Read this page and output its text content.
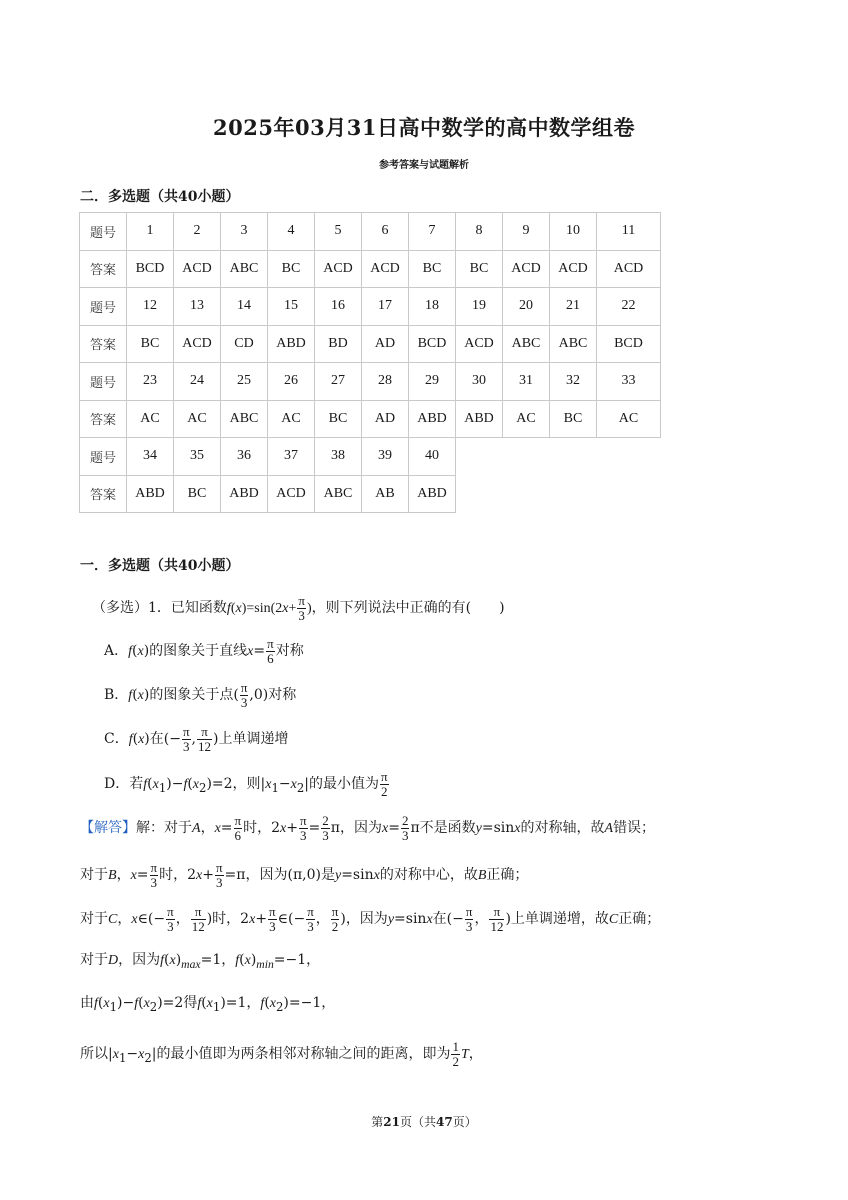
2025年03月31日高中数学的高中数学组卷
参考答案与试题解析
二．多选题（共40小题）
题号	1	2	3	4	5	6	7	8	9	10	11
答案	BCD	ACD	ABC	BC	ACD	ACD	BC	BC	ACD	ACD	ACD
题号	12	13	14	15	16	17	18	19	20	21	22
答案	BC	ACD	CD	ABD	BD	AD	BCD	ACD	ABC	ABC	BCD
题号	23	24	25	26	27	28	29	30	31	32	33
答案	AC	AC	ABC	AC	BC	AD	ABD	ABD	AC	BC	AC
题号	34	35	36	37	38	39	40				
答案	ABD	BC	ABD	ACD	ABC	AB	ABD				
一．多选题（共40小题）
（多选）1．已知函数$f(x)=\sin(2x+ \frac{\pi}{3}$ )，则下列说法中正确的有(　　)
A．f(x)的图象关于直线$x= \frac{\pi}{6}$ 对称
B．f(x)的图象关于点( $\frac{\pi}{3} ,0$)对称
C．f(x)在(− $\frac{\pi}{3}$ , $\frac{\pi}{12}$ )上单调递增
D．若$f(x_1)-f(x_2)=2$，则$|x_1-x_2|$的最小值为 $\frac{\pi}{2}$
【解答】解：对于A，$x= \frac{\pi}{6}$ 时，$2x+ \frac{\pi}{3} = \frac{2}{3}$ π，因为$x= \frac{2}{3}$ π不是函数y=sinx的对称轴，故A错误；
对于B，$x= \frac{\pi}{3}$ 时，$2x+ \frac{\pi}{3} =\pi$，因为(π,0)是y=sinx的对称中心，故B正确；
对于C，x∈(− $\frac{\pi}{3}$ ， $\frac{\pi}{12}$ )时，$2x+ \frac{\pi}{3}$ ∈(− $\frac{\pi}{3}$ ， $\frac{\pi}{2}$ )，因为y=sinx在(− $\frac{\pi}{3}$ ， $\frac{\pi}{12}$ )上单调递增，故C正确；
对于D，因为$f(x)_{max}=1$，$f(x)_{min}=-1$，
由$f(x_1)-f(x_2)=2$得$f(x_1)=1$，$f(x_2)=-1$，
所以$|x_1-x_2|$的最小值即为两条相邻对称轴之间的距离，即为 $\frac{1}{2}$ T，
第21页（共47页）
